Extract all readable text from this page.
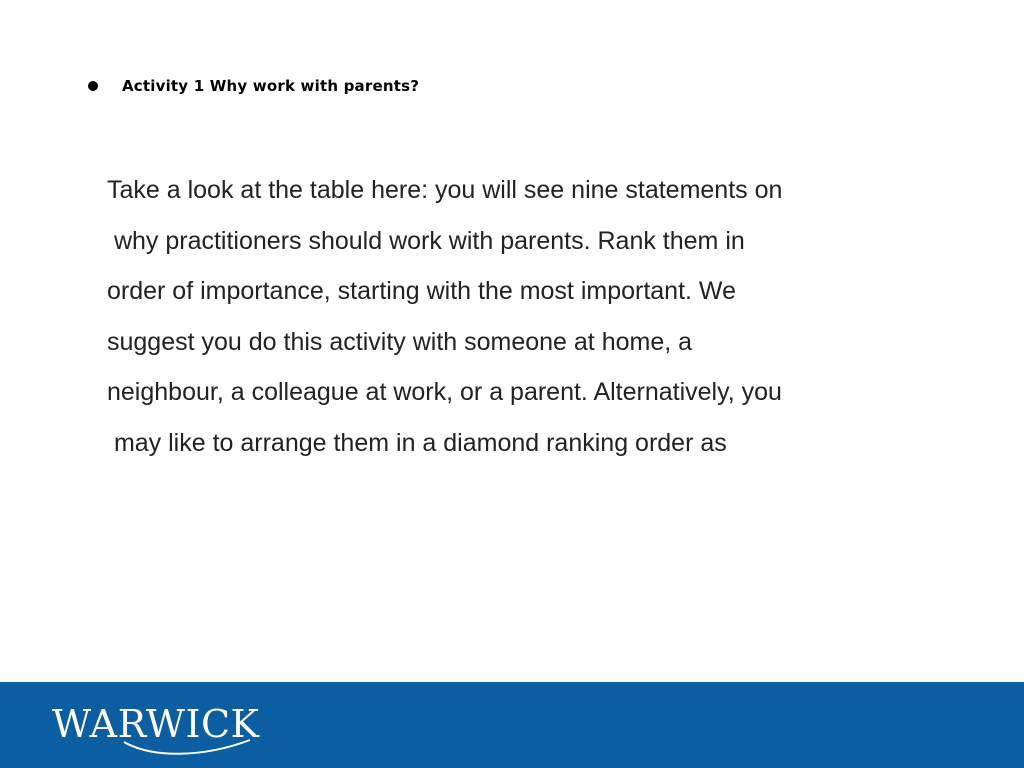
Activity 1 Why work with parents?
Take a look at the table here: you will see nine statements on
why practitioners should work with parents. Rank them in
order of importance, starting with the most important. We
suggest you do this activity with someone at home, a
neighbour, a colleague at work, or a parent. Alternatively, you
may like to arrange them in a diamond ranking order as
WARWICK
